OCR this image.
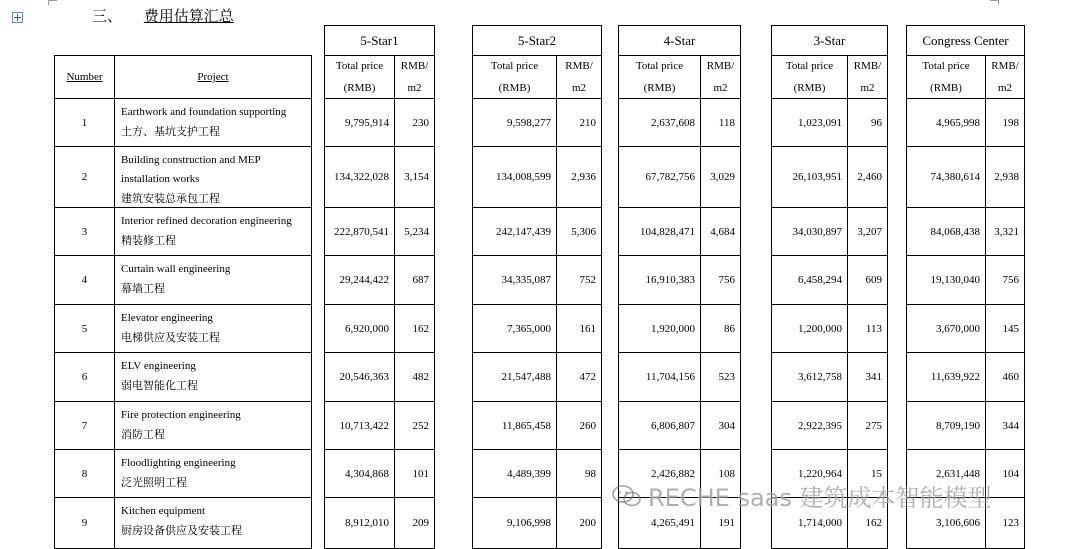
三、 费用估算汇总
Number	Project
5-Star1
Total price
(RMB)
RMB/
m2
5-Star2
Total price
(RMB)
RMB/
m2
4-Star
Total price
(RMB)
RMB/
m2
3-Star
Total price
(RMB)
RMB/
m2
Congress Center
Total price
(RMB)
RMB/
m2
1
Earthwork and foundation supporting
土方、基坑支护工程
9,795,914 230	9,598,277	210	2,637,608 118	1,023,091	96	4,965,998 198
2
Building construction and MEP
installation works
建筑安装总承包工程
134,322,028 3,154	134,008,599 2,936	67,782,756 3,029	26,103,951 2,460	74,380,614 2,938
3
Interior refined decoration engineering
精装修工程
222,870,541 5,234	242,147,439 5,306	104,828,471 4,684	34,030,897 3,207	84,068,438 3,321
4
Curtain wall engineering
幕墙工程
29,244,422 687	34,335,087	752	16,910,383 756	6,458,294 609	19,130,040 756
5
Elevator engineering
电梯供应及安装工程
6,920,000 162	7,365,000	161	1,920,000	86	1,200,000 113	3,670,000 145
6
ELV engineering
弱电智能化工程
20,546,363 482	21,547,488	472	11,704,156 523	3,612,758 341	11,639,922 460
7
Fire protection engineering
消防工程
10,713,422 252	11,865,458	260	6,806,807 304	2,922,395 275	8,709,190 344
8
Floodlighting engineering
泛光照明工程
4,304,868 101	4,489,399	98	2,426,882 108	1,220,964	15	2,631,448 104
9
Kitchen equipment
厨房设备供应及安装工程
8,912,010 209	9,106,998	200	4,265,491 191	1,714,000 162	3,106,606 123
RECHE saas 建筑成本智能模型
